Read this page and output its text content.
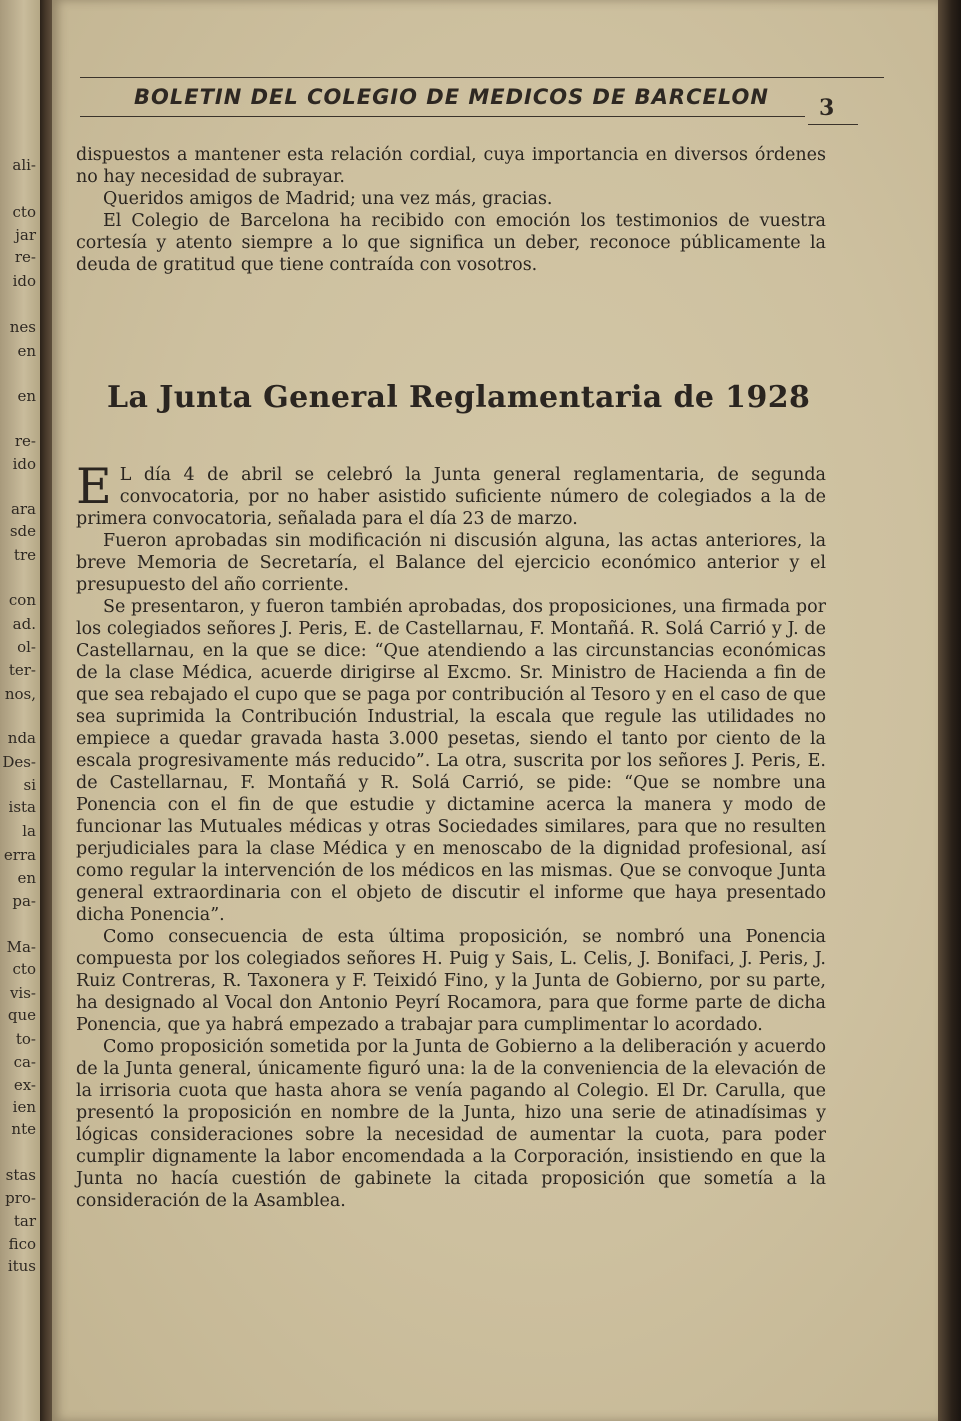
ali-
cto
jar
re-
ido
nes
en
en
re-
ido
ara
sde
tre
con
ad.
ol-
ter-
nos,
nda
Des-
si
ista
la
erra
en
pa-
Ma-
cto
vis-
que
to-
ca-
ex-
ien
nte
stas
pro-
tar
fico
itus
BOLETIN DEL COLEGIO DE MEDICOS DE BARCELON 3

dispuestos a mantener esta relación cordial, cuya importancia en diversos órdenes no hay necesidad de subrayar.

Queridos amigos de Madrid; una vez más, gracias.

El Colegio de Barcelona ha recibido con emoción los testimonios de vuestra cortesía y atento siempre a lo que significa un deber, reconoce públicamente la deuda de gratitud que tiene contraída con vosotros.

La Junta General Reglamentaria de 1928

E L día 4 de abril se celebró la Junta general reglamentaria, de segunda convocatoria, por no haber asistido suficiente número de colegiados a la de primera convocatoria, señalada para el día 23 de marzo.

Fueron aprobadas sin modificación ni discusión alguna, las actas anteriores, la breve Memoria de Secretaría, el Balance del ejercicio económico anterior y el presupuesto del año corriente.

Se presentaron, y fueron también aprobadas, dos proposiciones, una firmada por los colegiados señores J. Peris, E. de Castellarnau, F. Montañá. R. Solá Carrió y J. de Castellarnau, en la que se dice: “Que atendiendo a las circunstancias económicas de la clase Médica, acuerde dirigirse al Excmo. Sr. Ministro de Hacienda a fin de que sea rebajado el cupo que se paga por contribución al Tesoro y en el caso de que sea suprimida la Contribución Industrial, la escala que regule las utilidades no empiece a quedar gravada hasta 3.000 pesetas, siendo el tanto por ciento de la escala progresivamente más reducido”. La otra, suscrita por los señores J. Peris, E. de Castellarnau, F. Montañá y R. Solá Carrió, se pide: “Que se nombre una Ponencia con el fin de que estudie y dictamine acerca la manera y modo de funcionar las Mutuales médicas y otras Sociedades similares, para que no resulten perjudiciales para la clase Médica y en menoscabo de la dignidad profesional, así como regular la intervención de los médicos en las mismas. Que se convoque Junta general extraordinaria con el objeto de discutir el informe que haya presentado dicha Ponencia”.

Como consecuencia de esta última proposición, se nombró una Ponencia compuesta por los colegiados señores H. Puig y Sais, L. Celis, J. Bonifaci, J. Peris, J. Ruiz Contreras, R. Taxonera y F. Teixidó Fino, y la Junta de Gobierno, por su parte, ha designado al Vocal don Antonio Peyrí Rocamora, para que forme parte de dicha Ponencia, que ya habrá empezado a trabajar para cumplimentar lo acordado.

Como proposición sometida por la Junta de Gobierno a la deliberación y acuerdo de la Junta general, únicamente figuró una: la de la conveniencia de la elevación de la irrisoria cuota que hasta ahora se venía pagando al Colegio. El Dr. Carulla, que presentó la proposición en nombre de la Junta, hizo una serie de atinadísimas y lógicas consideraciones sobre la necesidad de aumentar la cuota, para poder cumplir dignamente la labor encomendada a la Corporación, insistiendo en que la Junta no hacía cuestión de gabinete la citada proposición que sometía a la consideración de la Asamblea.
